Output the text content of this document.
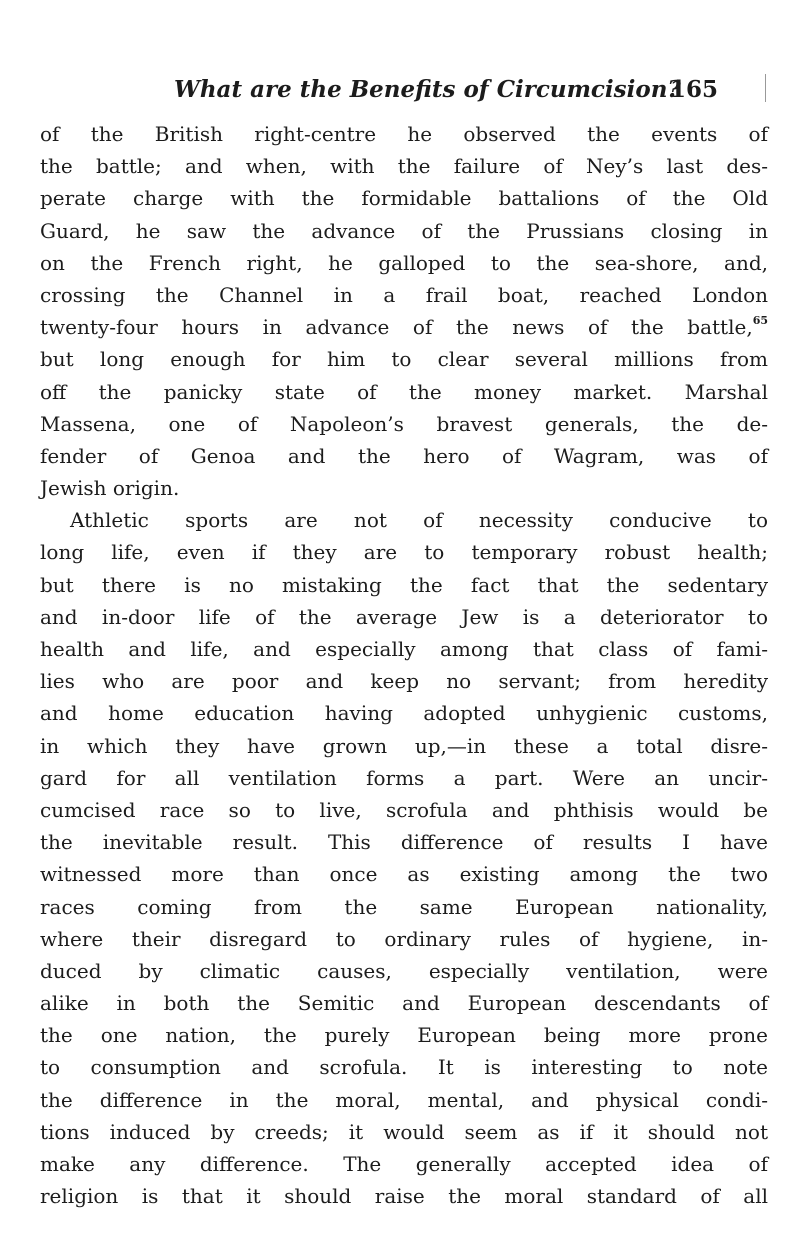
What are the Benefits of Circumcision?
165
of the British right-centre he observed the events of
the battle; and when, with the failure of Ney’s last des-
perate charge with the formidable battalions of the Old
Guard, he saw the advance of the Prussians closing in
on the French right, he galloped to the sea-shore, and,
crossing the Channel in a frail boat, reached London
twenty-four hours in advance of the news of the battle,$^{65}$
but long enough for him to clear several millions from
off the panicky state of the money market. Marshal
Massena, one of Napoleon’s bravest generals, the de-
fender of Genoa and the hero of Wagram, was of
Jewish origin.
Athletic sports are not of necessity conducive to
long life, even if they are to temporary robust health;
but there is no mistaking the fact that the sedentary
and in-door life of the average Jew is a deteriorator to
health and life, and especially among that class of fami-
lies who are poor and keep no servant; from heredity
and home education having adopted unhygienic customs,
in which they have grown up,—in these a total disre-
gard for all ventilation forms a part. Were an uncir-
cumcised race so to live, scrofula and phthisis would be
the inevitable result. This difference of results I have
witnessed more than once as existing among the two
races coming from the same European nationality,
where their disregard to ordinary rules of hygiene, in-
duced by climatic causes, especially ventilation, were
alike in both the Semitic and European descendants of
the one nation, the purely European being more prone
to consumption and scrofula. It is interesting to note
the difference in the moral, mental, and physical condi-
tions induced by creeds; it would seem as if it should not
make any difference. The generally accepted idea of
religion is that it should raise the moral standard of all
